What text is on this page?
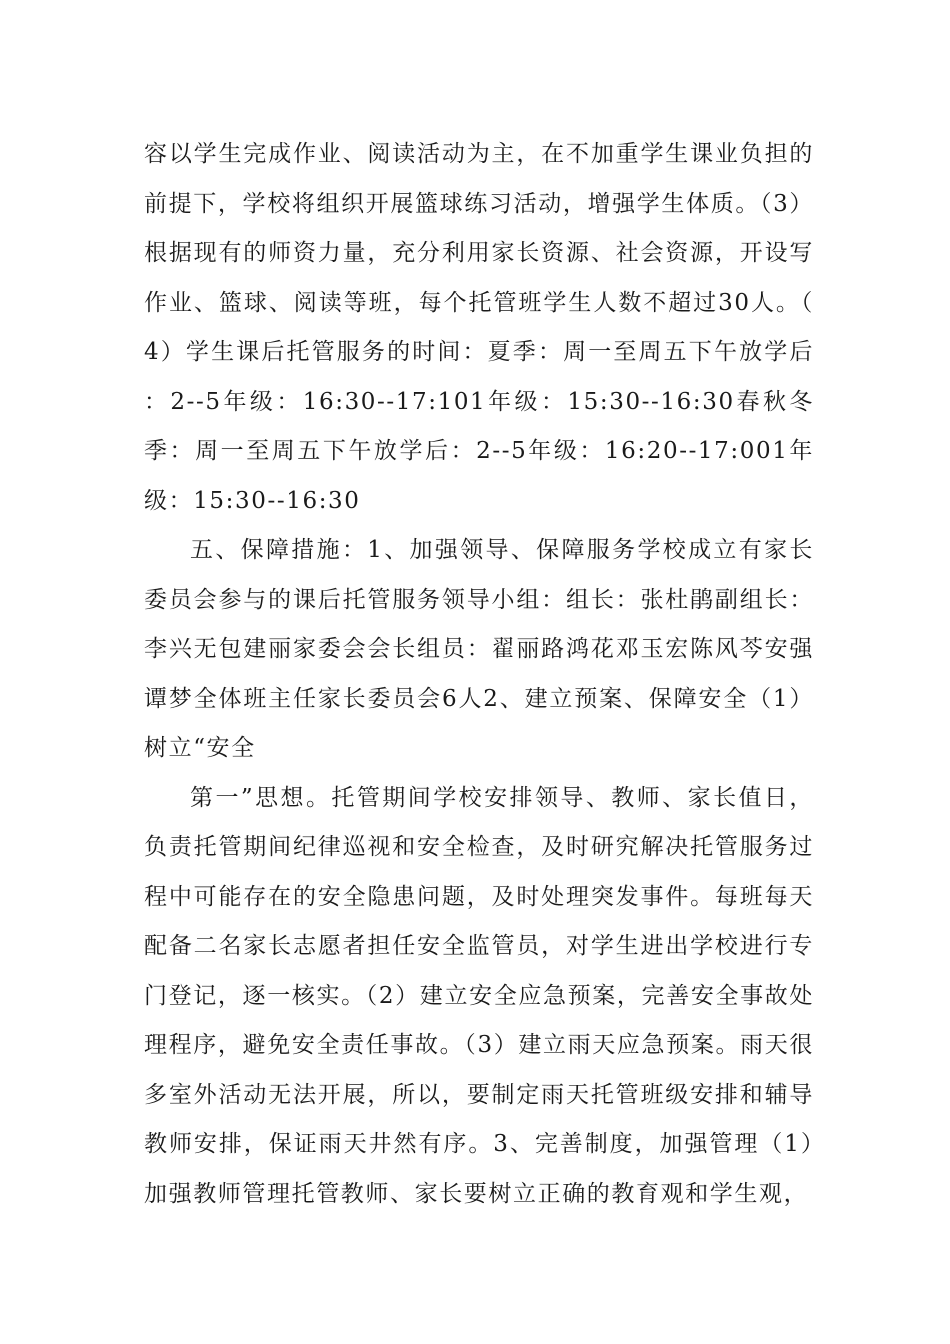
容以学生完成作业、阅读活动为主，在不加重学生课业负担的前提下，学校将组织开展篮球练习活动，增强学生体质。（3）根据现有的师资力量，充分利用家长资源、社会资源，开设写作业、篮球、阅读等班，每个托管班学生人数不超过30人。（4）学生课后托管服务的时间：夏季：周一至周五下午放学后：2--5年级：16:30--17:101年级：15:30--16:30春秋冬季：周一至周五下午放学后：2--5年级：16:20--17:001年级：15:30--16:30

五、保障措施：1、加强领导、保障服务学校成立有家长委员会参与的课后托管服务领导小组：组长：张杜鹃副组长：李兴无包建丽家委会会长组员：翟丽路鸿花邓玉宏陈风芩安强谭梦全体班主任家长委员会6人2、建立预案、保障安全（1）树立“安全

第一”思想。托管期间学校安排领导、教师、家长值日，负责托管期间纪律巡视和安全检查，及时研究解决托管服务过程中可能存在的安全隐患问题，及时处理突发事件。每班每天配备二名家长志愿者担任安全监管员，对学生进出学校进行专门登记，逐一核实。（2）建立安全应急预案，完善安全事故处理程序，避免安全责任事故。（3）建立雨天应急预案。雨天很多室外活动无法开展，所以，要制定雨天托管班级安排和辅导教师安排，保证雨天井然有序。3、完善制度，加强管理（1）加强教师管理托管教师、家长要树立正确的教育观和学生观，
